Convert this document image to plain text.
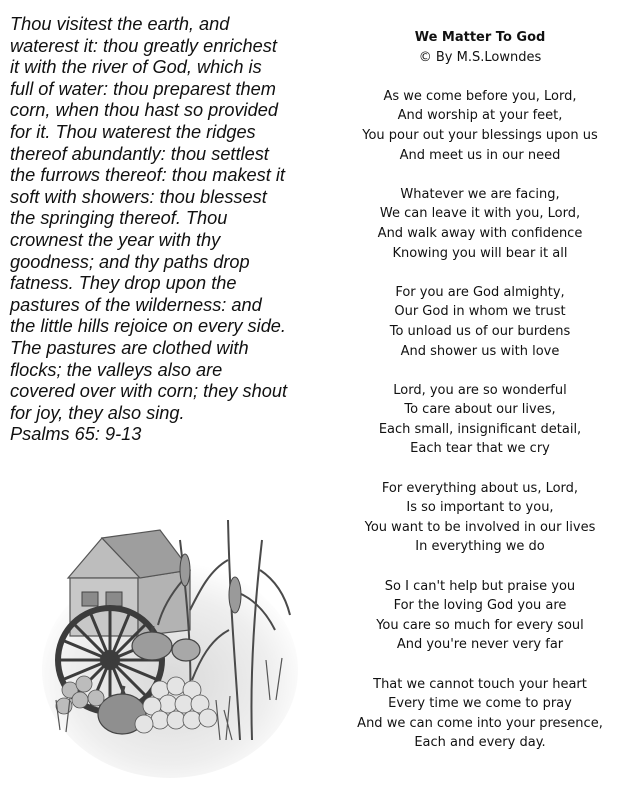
Thou visitest the earth, and

waterest it: thou greatly enrichest

it with the river of God, which is

full of water: thou preparest them

corn, when thou hast so provided

for it. Thou waterest the ridges

thereof abundantly: thou settlest

the furrows thereof: thou makest it

soft with showers: thou blessest

the springing thereof. Thou

crownest the year with thy

goodness; and thy paths drop

fatness. They drop upon the

pastures of the wilderness: and

the little hills rejoice on every side.

The pastures are clothed with

flocks; the valleys also are

covered over with corn; they shout

for joy, they also sing.

Psalms 65: 9-13

We Matter To God

© By M.S.Lowndes

As we come before you, Lord,
And worship at your feet,
You pour out your blessings upon us
And meet us in our need
Whatever we are facing,
We can leave it with you, Lord,
And walk away with confidence
Knowing you will bear it all
For you are God almighty,
Our God in whom we trust
To unload us of our burdens
And shower us with love
Lord, you are so wonderful
To care about our lives,
Each small, insignificant detail,
Each tear that we cry
For everything about us, Lord,
Is so important to you,
You want to be involved in our lives
In everything we do
So I can't help but praise you
For the loving God you are
You care so much for every soul
And you're never very far
That we cannot touch your heart
Every time we come to pray
And we can come into your presence,
Each and every day.
